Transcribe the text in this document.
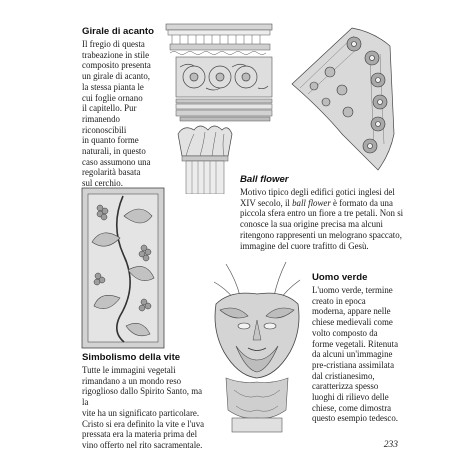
Girale di acanto

Il fregio di questa
trabeazione in stile
composito presenta
un girale di acanto,
la stessa pianta le
cui foglie ornano
il capitello. Pur
rimanendo riconoscibili
in quanto forme
naturali, in questo
caso assumono una
regolarità basata
sul cerchio.	Ball flower

Motivo tipico degli edifici gotici inglesi del
XIV secolo, il ball flower è formato da una
piccola sfera entro un fiore a tre petali. Non si
conosce la sua origine precisa ma alcuni
ritengono rappresenti un melograno spaccato,
immagine del cuore trafitto di Gesù.

Uomo verde

L'uomo verde, termine
creato in epoca
moderna, appare nelle
chiese medievali come
volto composto da
forme vegetali. Ritenuta
da alcuni un'immagine
pre-cristiana assimilata
dal cristianesimo,
caratterizza spesso
luoghi di rilievo delle
chiese, come dimostra
questo esempio tedesco.

Simbolismo della vite

Tutte le immagini vegetali
rimandano a un mondo reso
rigoglioso dallo Spirito Santo, ma la
vite ha un significato particolare.
Cristo si era definito la vite e l'uva
pressata era la materia prima del
vino offerto nel rito sacramentale.	233
